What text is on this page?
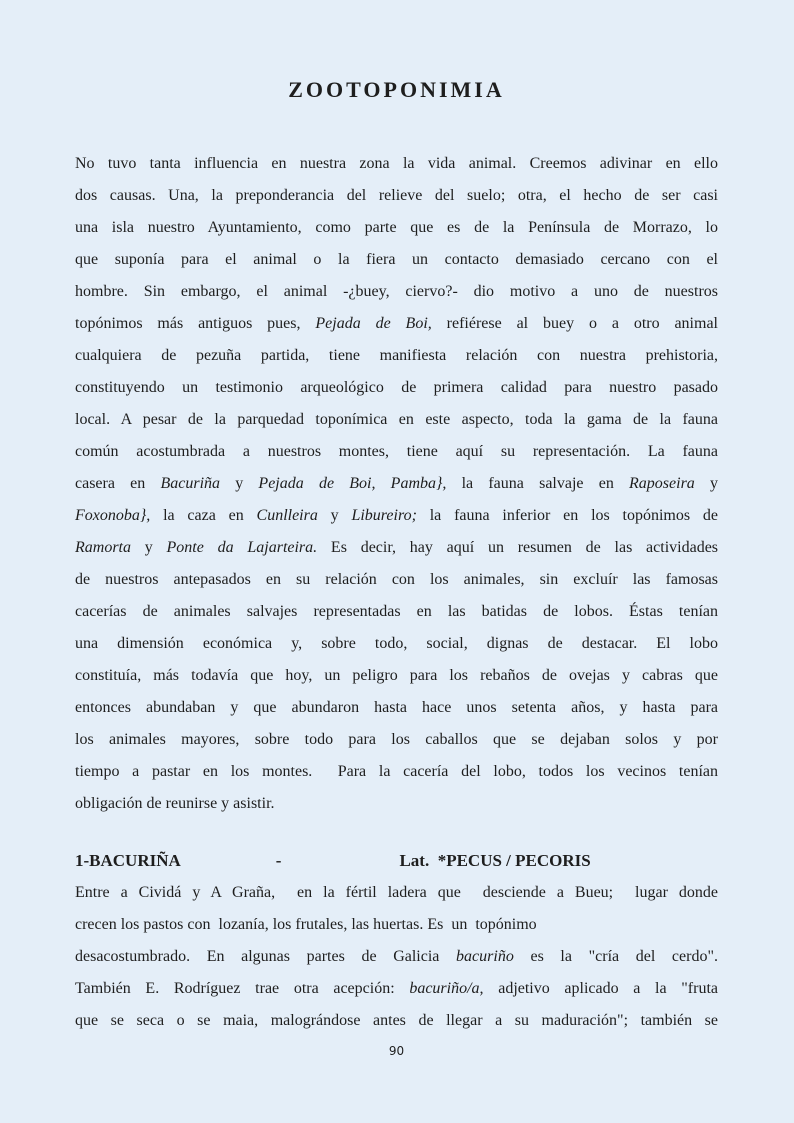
ZOOTOPONIMIA
No tuvo tanta influencia en nuestra zona la vida animal. Creemos adivinar en ello
dos causas. Una, la preponderancia del relieve del suelo; otra, el hecho de ser casi
una isla nuestro Ayuntamiento, como parte que es de la Península de Morrazo, lo
que suponía para el animal o la fiera un contacto demasiado cercano con el
hombre. Sin embargo, el animal -¿buey, ciervo?- dio motivo a uno de nuestros
topónimos más antiguos pues, Pejada de Boi, refiérese al buey o a otro animal
cualquiera de pezuña partida, tiene manifiesta relación con nuestra prehistoria,
constituyendo un testimonio arqueológico de primera calidad para nuestro pasado
local. A pesar de la parquedad toponímica en este aspecto, toda la gama de la fauna
común acostumbrada a nuestros montes, tiene aquí su representación. La fauna
casera en Bacuriña y Pejada de Boi, Pamba}, la fauna salvaje en Raposeira y
Foxonoba}, la caza en Cunlleira y Libureiro; la fauna inferior en los topónimos de
Ramorta y Ponte da Lajarteira. Es decir, hay aquí un resumen de las actividades
de nuestros antepasados en su relación con los animales, sin excluír las famosas
cacerías de animales salvajes representadas en las batidas de lobos. Éstas tenían
una dimensión económica y, sobre todo, social, dignas de destacar. El lobo
constituía, más todavía que hoy, un peligro para los rebaños de ovejas y cabras que
entonces abundaban y que abundaron hasta hace unos setenta años, y hasta para
los animales mayores, sobre todo para los caballos que se dejaban solos y por
tiempo a pastar en los montes.  Para la cacería del lobo, todos los vecinos tenían
obligación de reunirse y asistir.
1-BACURIÑA	-	Lat.  *PECUS / PECORIS
Entre a Cividá y A Graña,  en la fértil ladera que  desciende a Bueu;  lugar donde
crecen los pastos con  lozanía, los frutales, las huertas. Es  un  topónimo
desacostumbrado. En algunas partes de Galicia bacuriño es la "cría del cerdo".
También E. Rodríguez trae otra acepción: bacuriño/a, adjetivo aplicado a la "fruta
que se seca o se maia, malográndose antes de llegar a su maduración"; también se
90
